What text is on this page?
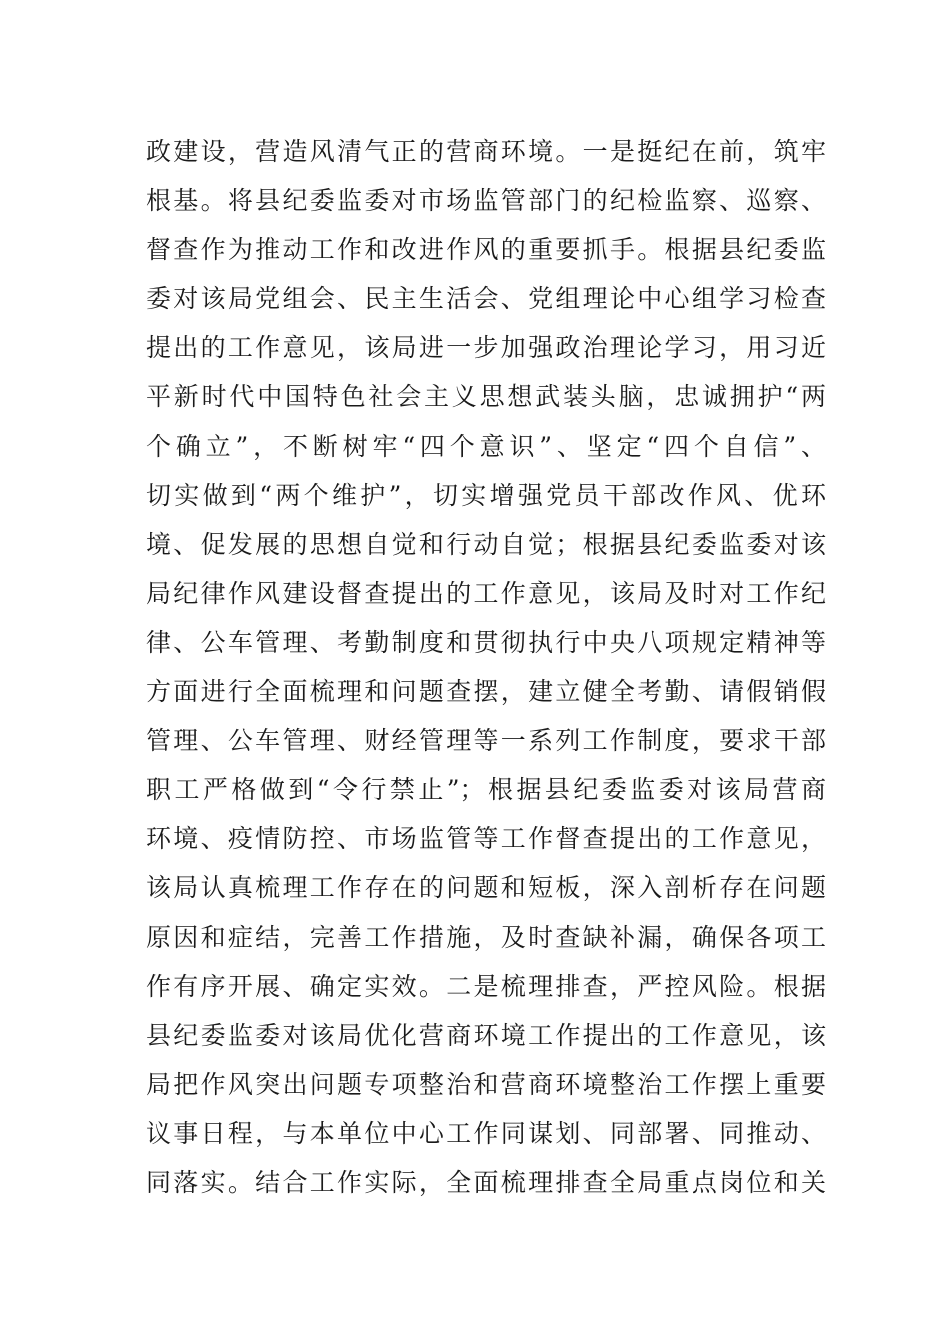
政建设，营造风清气正的营商环境。一是挺纪在前，筑牢
根基。将县纪委监委对市场监管部门的纪检监察、巡察、
督查作为推动工作和改进作风的重要抓手。根据县纪委监
委对该局党组会、民主生活会、党组理论中心组学习检查
提出的工作意见，该局进一步加强政治理论学习，用习近
平新时代中国特色社会主义思想武装头脑，忠诚拥护“两
个确立”，不断树牢“四个意识”、坚定“四个自信”、
切实做到“两个维护”，切实增强党员干部改作风、优环
境、促发展的思想自觉和行动自觉；根据县纪委监委对该
局纪律作风建设督查提出的工作意见，该局及时对工作纪
律、公车管理、考勤制度和贯彻执行中央八项规定精神等
方面进行全面梳理和问题查摆，建立健全考勤、请假销假
管理、公车管理、财经管理等一系列工作制度，要求干部
职工严格做到“令行禁止”；根据县纪委监委对该局营商
环境、疫情防控、市场监管等工作督查提出的工作意见，
该局认真梳理工作存在的问题和短板，深入剖析存在问题
原因和症结，完善工作措施，及时查缺补漏，确保各项工
作有序开展、确定实效。二是梳理排查，严控风险。根据
县纪委监委对该局优化营商环境工作提出的工作意见，该
局把作风突出问题专项整治和营商环境整治工作摆上重要
议事日程，与本单位中心工作同谋划、同部署、同推动、
同落实。结合工作实际，全面梳理排查全局重点岗位和关
